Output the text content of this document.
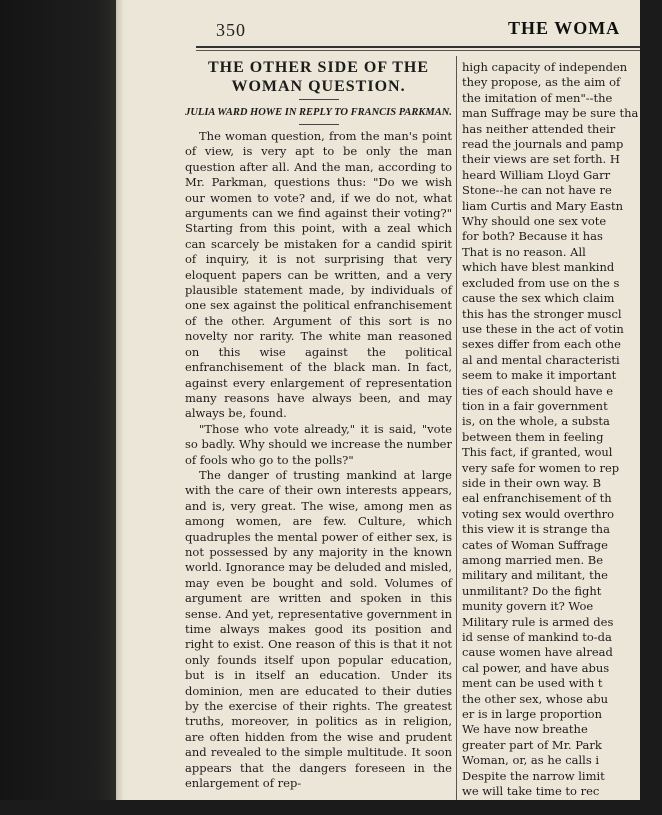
350	THE WOMA
THE OTHER SIDE OF THE
WOMAN QUESTION.
JULIA WARD HOWE IN REPLY TO FRANCIS PARKMAN.

The woman question, from the man's point of view, is very apt to be only the man question after all. And the man, according to Mr. Parkman, questions thus: "Do we wish our women to vote? and, if we do not, what arguments can we find against their voting?" Starting from this point, with a zeal which can scarcely be mistaken for a candid spirit of inquiry, it is not surprising that very eloquent papers can be written, and a very plausible statement made, by individuals of one sex against the political enfranchisement of the other. Argument of this sort is no novelty nor rarity. The white man reasoned on this wise against the political enfranchisement of the black man. In fact, against every enlargement of representation many reasons have always been, and may always be, found.

"Those who vote already," it is said, "vote so badly. Why should we increase the number of fools who go to the polls?"

The danger of trusting mankind at large with the care of their own interests appears, and is, very great. The wise, among men as among women, are few. Culture, which quadruples the mental power of either sex, is not possessed by any majority in the known world. Ignorance may be deluded and misled, may even be bought and sold. Volumes of argument are written and spoken in this sense. And yet, representative government in time always makes good its position and right to exist. One reason of this is that it not only founds itself upon popular education, but is in itself an education. Under its dominion, men are educated to their duties by the exercise of their rights. The greatest truths, moreover, in politics as in religion, are often hidden from the wise and prudent and revealed to the simple multitude. It soon appears that the dangers foreseen in the enlargement of rep-

high capacity of independen
they propose, as the aim of
the imitation of men"--the
man Suffrage may be sure tha
has neither attended their
read the journals and pamp
their views are set forth. H
heard William Lloyd Garr
Stone--he can not have re
liam Curtis and Mary Eastn
Why should one sex vote
for both? Because it has
That is no reason. All
which have blest mankind
excluded from use on the s
cause the sex which claim
this has the stronger muscl
use these in the act of votin
sexes differ from each othe
al and mental characteristi
seem to make it important
ties of each should have e
tion in a fair government
is, on the whole, a substa
between them in feeling
This fact, if granted, woul
very safe for women to rep
side in their own way. B
eal enfranchisement of th
voting sex would overthro
this view it is strange tha
cates of Woman Suffrage
among married men. Be
military and militant, the
unmilitant? Do the fight
munity govern it? Woe
Military rule is armed des
id sense of mankind to-da
cause women have alread
cal power, and have abus
ment can be used with t
the other sex, whose abu
er is in large proportion
We have now breathe
greater part of Mr. Park
Woman, or, as he calls i
Despite the narrow limit
we will take time to rec
of them. The argument
